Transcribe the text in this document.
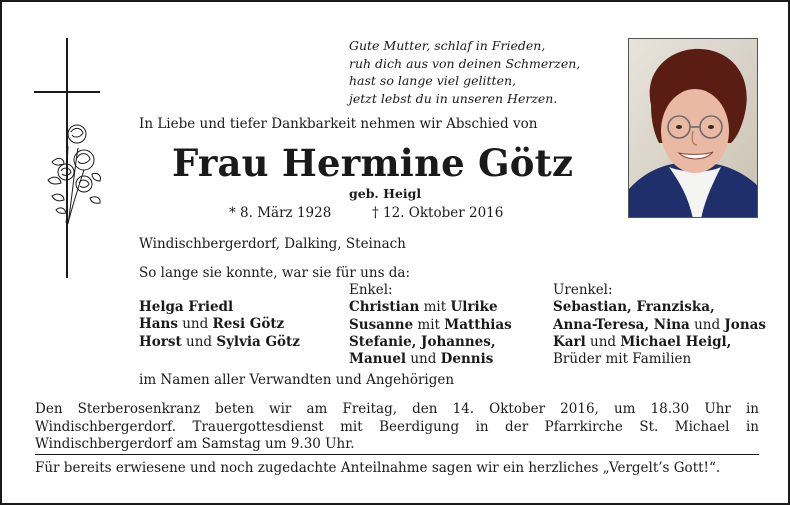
Gute Mutter, schlaf in Frieden,
ruh dich aus von deinen Schmerzen,
hast so lange viel gelitten,
jetzt lebst du in unseren Herzen.
In Liebe und tiefer Dankbarkeit nehmen wir Abschied von
Frau Hermine Götz
geb. Heigl
* 8. März 1928	† 12. Oktober 2016
Windischbergerdorf, Dalking, Steinach
So lange sie konnte, war sie für uns da:
Helga Friedl
Hans und Resi Götz
Horst und Sylvia Götz
Enkel:
Christian mit Ulrike
Susanne mit Matthias
Stefanie, Johannes,
Manuel und Dennis
Urenkel:
Sebastian, Franziska,
Anna-Teresa, Nina und Jonas
Karl und Michael Heigl,
Brüder mit Familien
im Namen aller Verwandten und Angehörigen
Den Sterberosenkranz beten wir am Freitag, den 14. Oktober 2016, um 18.30 Uhr in Windischbergerdorf. Trauergottesdienst mit Beerdigung in der Pfarrkirche St. Michael in Windischbergerdorf am Samstag um 9.30 Uhr.
Für bereits erwiesene und noch zugedachte Anteilnahme sagen wir ein herzliches „Vergelt’s Gott!“.
